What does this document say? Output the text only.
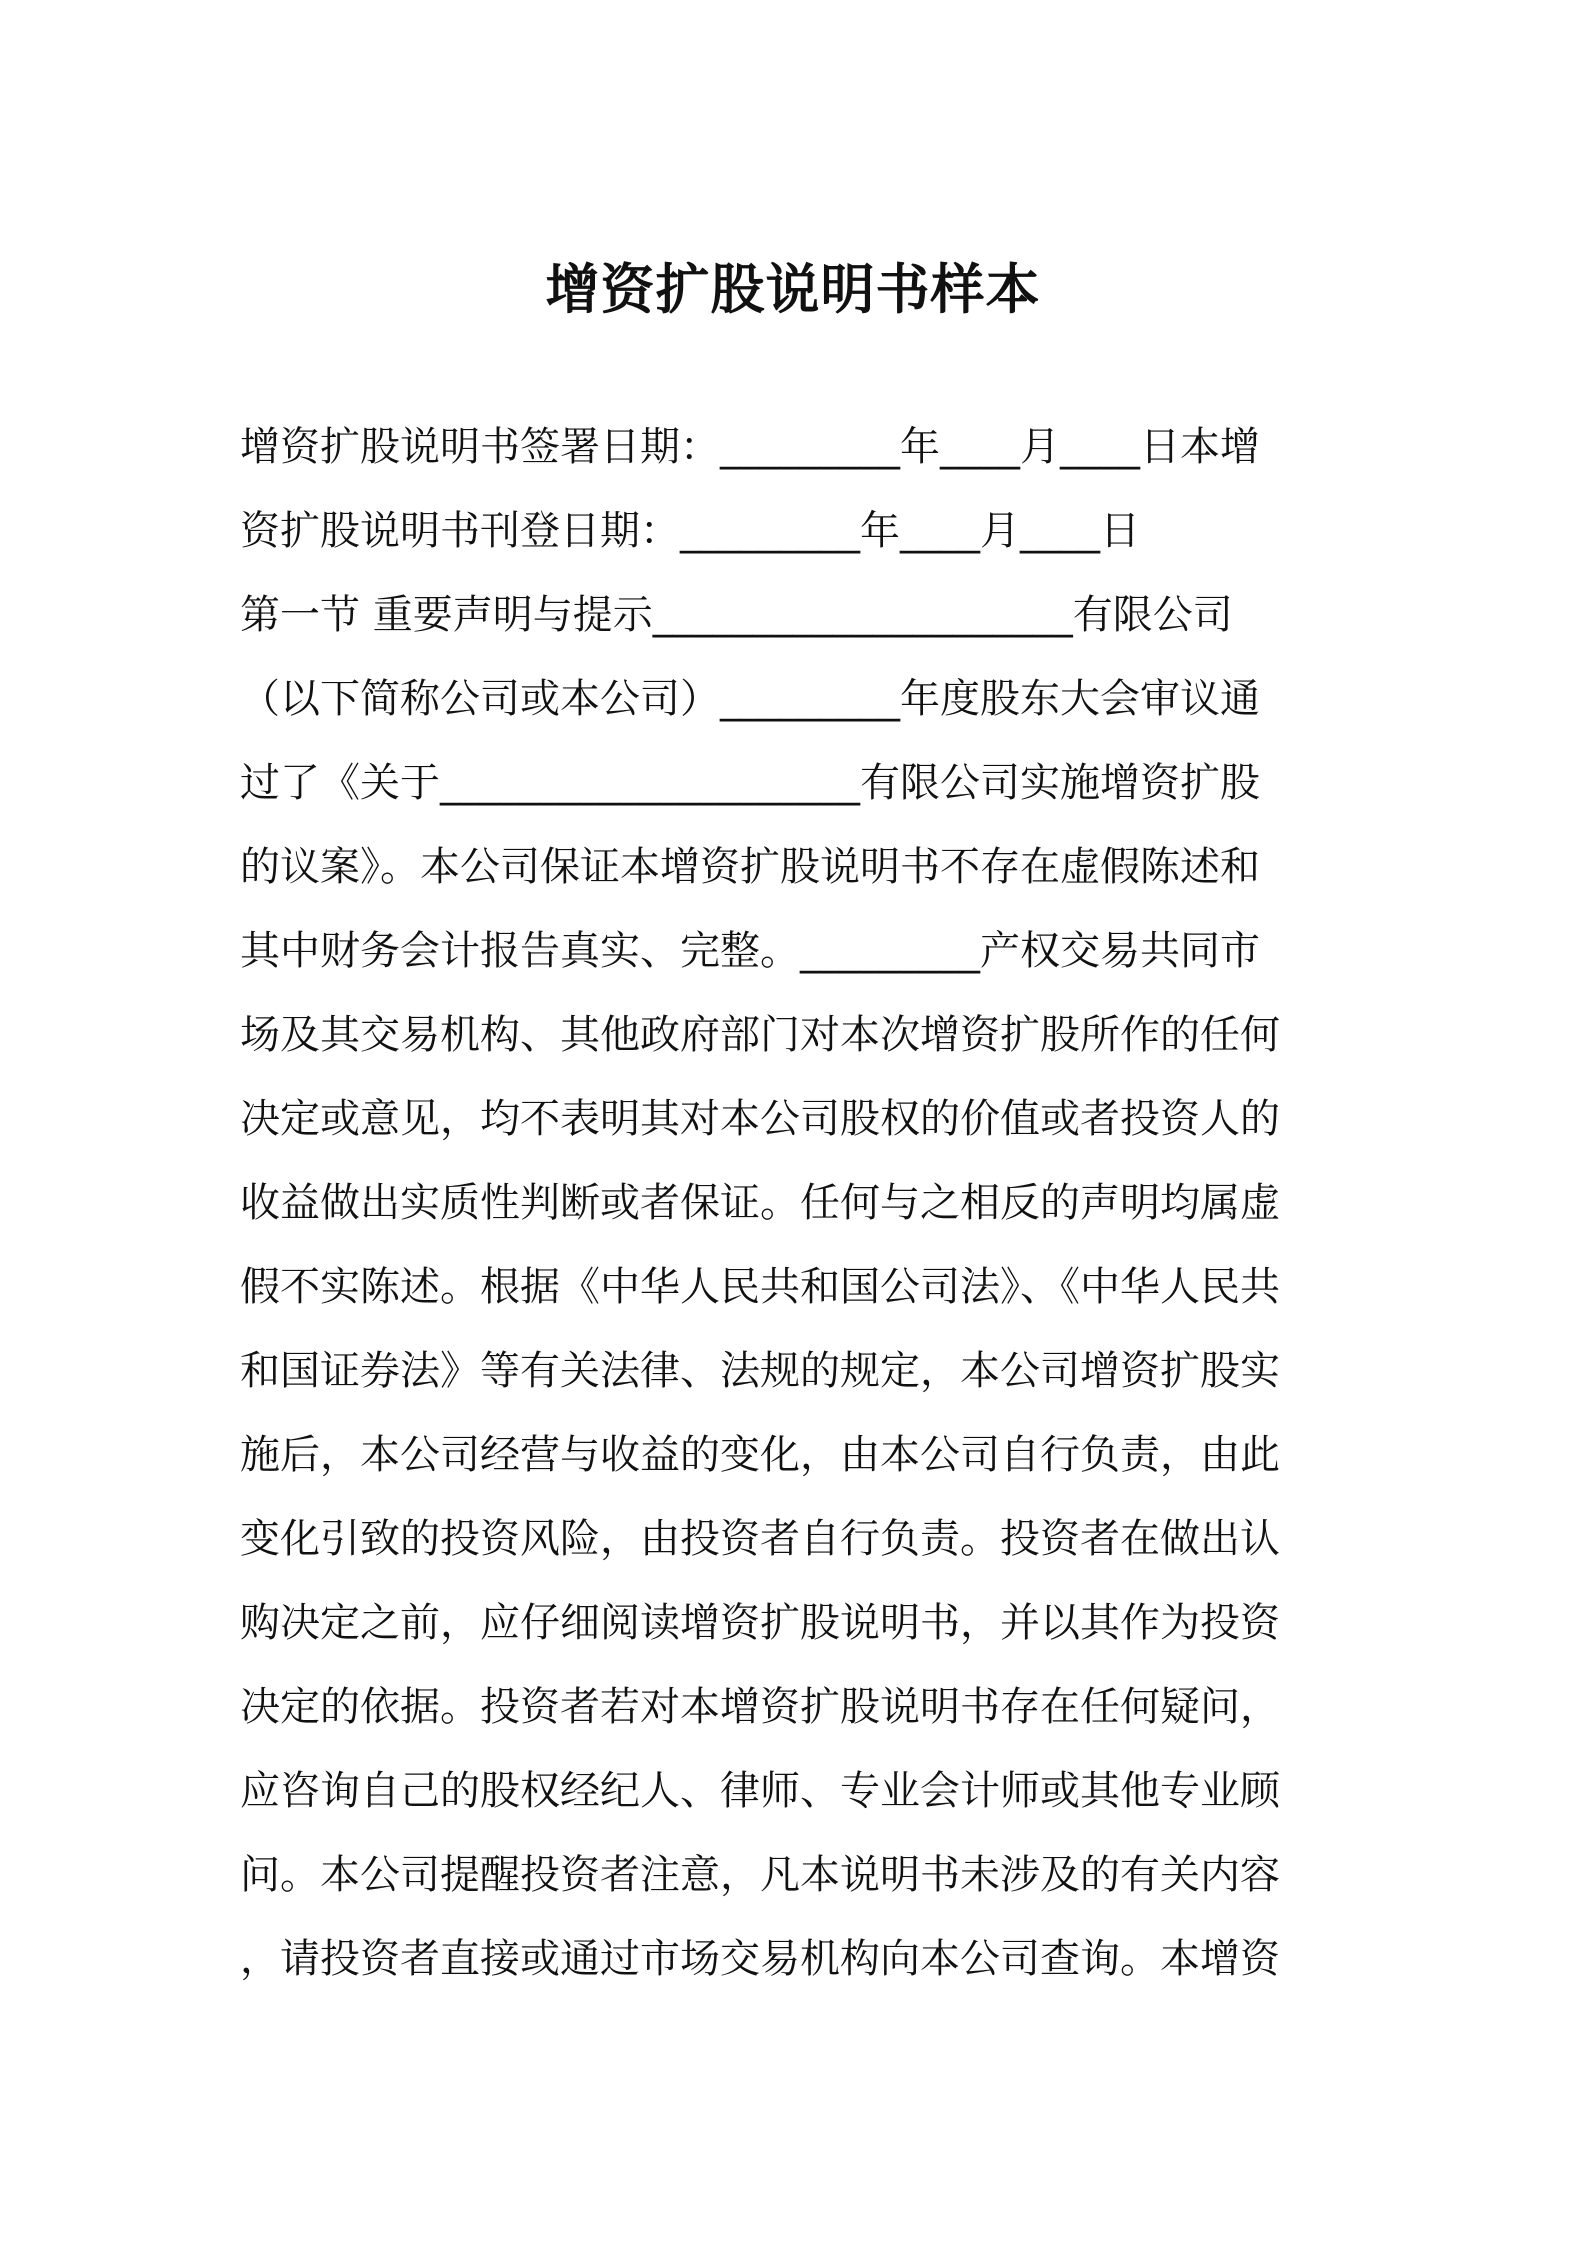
增资扩股说明书样本
增资扩股说明书签署日期：_________年____月____日本增
资扩股说明书刊登日期：_________年____月____日
第一节 重要声明与提示_____________________有限公司
（以下简称公司或本公司）_________年度股东大会审议通
过了《关于_____________________有限公司实施增资扩股
的议案》。本公司保证本增资扩股说明书不存在虚假陈述和
其中财务会计报告真实、完整。_________产权交易共同市
场及其交易机构、其他政府部门对本次增资扩股所作的任何
决定或意见，均不表明其对本公司股权的价值或者投资人的
收益做出实质性判断或者保证。任何与之相反的声明均属虚
假不实陈述。根据《中华人民共和国公司法》、《中华人民共
和国证券法》等有关法律、法规的规定，本公司增资扩股实
施后，本公司经营与收益的变化，由本公司自行负责，由此
变化引致的投资风险，由投资者自行负责。投资者在做出认
购决定之前，应仔细阅读增资扩股说明书，并以其作为投资
决定的依据。投资者若对本增资扩股说明书存在任何疑问，
应咨询自己的股权经纪人、律师、专业会计师或其他专业顾
问。本公司提醒投资者注意，凡本说明书未涉及的有关内容
，请投资者直接或通过市场交易机构向本公司查询。本增资
